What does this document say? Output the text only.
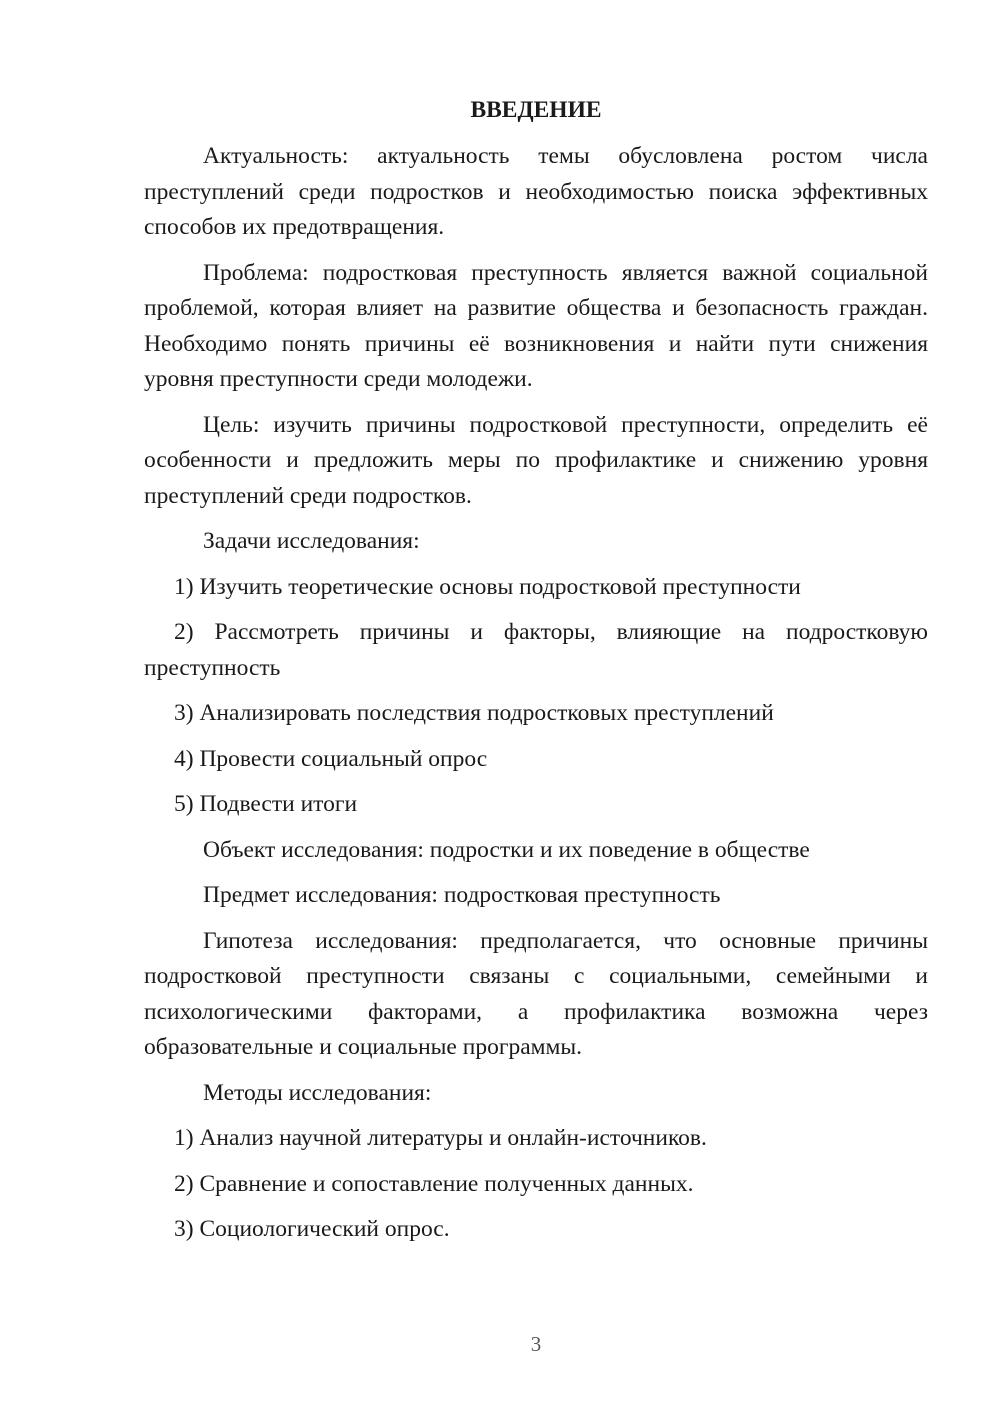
ВВЕДЕНИЕ

Актуальность: актуальность темы обусловлена ростом числа преступлений среди подростков и необходимостью поиска эффективных способов их предотвращения.

Проблема: подростковая преступность является важной социальной проблемой, которая влияет на развитие общества и безопасность граждан. Необходимо понять причины её возникновения и найти пути снижения уровня преступности среди молодежи.

Цель: изучить причины подростковой преступности, определить её особенности и предложить меры по профилактике и снижению уровня преступлений среди подростков.

Задачи исследования:

1) Изучить теоретические основы подростковой преступности

2) Рассмотреть причины и факторы, влияющие на подростковую преступность

3) Анализировать последствия подростковых преступлений

4) Провести социальный опрос

5) Подвести итоги

Объект исследования: подростки и их поведение в обществе

Предмет исследования: подростковая преступность

Гипотеза исследования: предполагается, что основные причины подростковой преступности связаны с социальными, семейными и психологическими факторами, а профилактика возможна через образовательные и социальные программы.

Методы исследования:

1) Анализ научной литературы и онлайн-источников.

2) Сравнение и сопоставление полученных данных.

3) Социологический опрос.

3
